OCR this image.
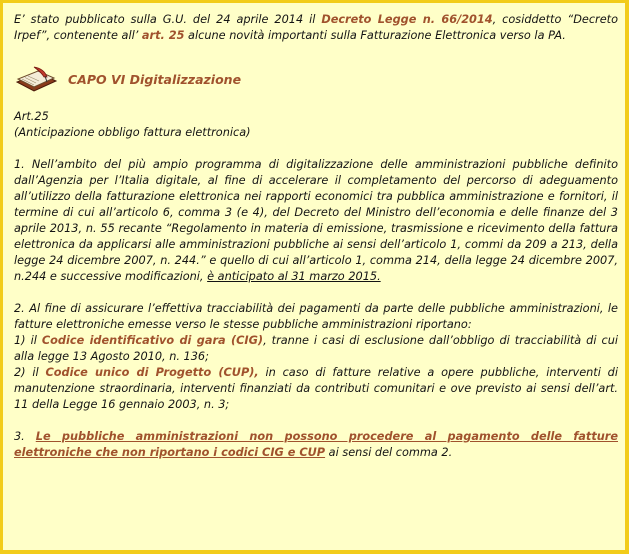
E’ stato pubblicato sulla G.U. del 24 aprile 2014 il Decreto Legge n. 66/2014, cosiddetto “Decreto Irpef”, contenente all’ art. 25 alcune novità importanti sulla Fatturazione Elettronica verso la PA.

CAPO VI Digitalizzazione

Art.25

(Anticipazione obbligo fattura elettronica)

1. Nell’ambito del più ampio programma di digitalizzazione delle amministrazioni pubbliche definito dall’Agenzia per l’Italia digitale, al fine di accelerare il completamento del percorso di adeguamento all’utilizzo della fatturazione elettronica nei rapporti economici tra pubblica amministrazione e fornitori, il termine di cui all’articolo 6, comma 3 (e 4), del Decreto del Ministro dell’economia e delle finanze del 3 aprile 2013, n. 55 recante “Regolamento in materia di emissione, trasmissione e ricevimento della fattura elettronica da applicarsi alle amministrazioni pubbliche ai sensi dell’articolo 1, commi da 209 a 213, della legge 24 dicembre 2007, n. 244.” e quello di cui all’articolo 1, comma 214, della legge 24 dicembre 2007, n.244 e successive modificazioni, è anticipato al 31 marzo 2015.

2. Al fine di assicurare l’effettiva tracciabilità dei pagamenti da parte delle pubbliche amministrazioni, le fatture elettroniche emesse verso le stesse pubbliche amministrazioni riportano:

1) il Codice identificativo di gara (CIG), tranne i casi di esclusione dall’obbligo di tracciabilità di cui alla legge 13 Agosto 2010, n. 136;

2) il Codice unico di Progetto (CUP), in caso di fatture relative a opere pubbliche, interventi di manutenzione straordinaria, interventi finanziati da contributi comunitari e ove previsto ai sensi dell’art. 11 della Legge 16 gennaio 2003, n. 3;

3. Le pubbliche amministrazioni non possono procedere al pagamento delle fatture elettroniche che non riportano i codici CIG e CUP ai sensi del comma 2.
